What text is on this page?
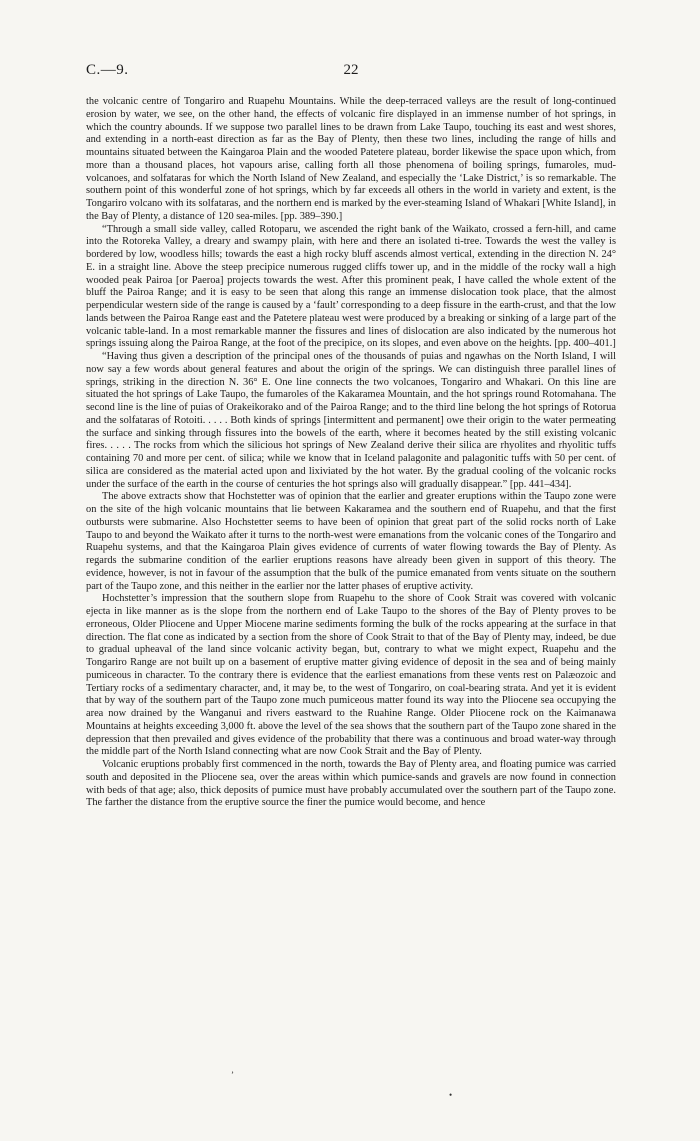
C.—9.	22

the volcanic centre of Tongariro and Ruapehu Mountains. While the deep-terraced valleys are the result of long-continued erosion by water, we see, on the other hand, the effects of volcanic fire displayed in an immense number of hot springs, in which the country abounds. If we suppose two parallel lines to be drawn from Lake Taupo, touching its east and west shores, and extending in a north-east direction as far as the Bay of Plenty, then these two lines, including the range of hills and mountains situated between the Kaingaroa Plain and the wooded Patetere plateau, border likewise the space upon which, from more than a thousand places, hot vapours arise, calling forth all those phenomena of boiling springs, fumaroles, mud-volcanoes, and solfataras for which the North Island of New Zealand, and especially the ‘Lake District,’ is so remarkable. The southern point of this wonderful zone of hot springs, which by far exceeds all others in the world in variety and extent, is the Tongariro volcano with its solfataras, and the northern end is marked by the ever-steaming Island of Whakari [White Island], in the Bay of Plenty, a distance of 120 sea-miles. [pp. 389–390.]

“Through a small side valley, called Rotoparu, we ascended the right bank of the Waikato, crossed a fern-hill, and came into the Rotoreka Valley, a dreary and swampy plain, with here and there an isolated ti-tree. Towards the west the valley is bordered by low, woodless hills; towards the east a high rocky bluff ascends almost vertical, extending in the direction N. 24° E. in a straight line. Above the steep precipice numerous rugged cliffs tower up, and in the middle of the rocky wall a high wooded peak Pairoa [or Paeroa] projects towards the west. After this prominent peak, I have called the whole extent of the bluff the Pairoa Range; and it is easy to be seen that along this range an immense dislocation took place, that the almost perpendicular western side of the range is caused by a ‘fault’ corresponding to a deep fissure in the earth-crust, and that the low lands between the Pairoa Range east and the Patetere plateau west were produced by a breaking or sinking of a large part of the volcanic table-land. In a most remarkable manner the fissures and lines of dislocation are also indicated by the numerous hot springs issuing along the Pairoa Range, at the foot of the precipice, on its slopes, and even above on the heights. [pp. 400–401.]

“Having thus given a description of the principal ones of the thousands of puias and ngawhas on the North Island, I will now say a few words about general features and about the origin of the springs. We can distinguish three parallel lines of springs, striking in the direction N. 36° E. One line connects the two volcanoes, Tongariro and Whakari. On this line are situated the hot springs of Lake Taupo, the fumaroles of the Kakaramea Mountain, and the hot springs round Rotomahana. The second line is the line of puias of Orakeikorako and of the Pairoa Range; and to the third line belong the hot springs of Rotorua and the solfataras of Rotoiti. . . . . Both kinds of springs [intermittent and permanent] owe their origin to the water permeating the surface and sinking through fissures into the bowels of the earth, where it becomes heated by the still existing volcanic fires. . . . . The rocks from which the silicious hot springs of New Zealand derive their silica are rhyolites and rhyolitic tuffs containing 70 and more per cent. of silica; while we know that in Iceland palagonite and palagonitic tuffs with 50 per cent. of silica are considered as the material acted upon and lixiviated by the hot water. By the gradual cooling of the volcanic rocks under the surface of the earth in the course of centuries the hot springs also will gradually disappear.” [pp. 441–434].

The above extracts show that Hochstetter was of opinion that the earlier and greater eruptions within the Taupo zone were on the site of the high volcanic mountains that lie between Kakaramea and the southern end of Ruapehu, and that the first outbursts were submarine. Also Hochstetter seems to have been of opinion that great part of the solid rocks north of Lake Taupo to and beyond the Waikato after it turns to the north-west were emanations from the volcanic cones of the Tongariro and Ruapehu systems, and that the Kaingaroa Plain gives evidence of currents of water flowing towards the Bay of Plenty. As regards the submarine condition of the earlier eruptions reasons have already been given in support of this theory. The evidence, however, is not in favour of the assumption that the bulk of the pumice emanated from vents situate on the southern part of the Taupo zone, and this neither in the earlier nor the latter phases of eruptive activity.

Hochstetter’s impression that the southern slope from Ruapehu to the shore of Cook Strait was covered with volcanic ejecta in like manner as is the slope from the northern end of Lake Taupo to the shores of the Bay of Plenty proves to be erroneous, Older Pliocene and Upper Miocene marine sediments forming the bulk of the rocks appearing at the surface in that direction. The flat cone as indicated by a section from the shore of Cook Strait to that of the Bay of Plenty may, indeed, be due to gradual upheaval of the land since volcanic activity began, but, contrary to what we might expect, Ruapehu and the Tongariro Range are not built up on a basement of eruptive matter giving evidence of deposit in the sea and of being mainly pumiceous in character. To the contrary there is evidence that the earliest emanations from these vents rest on Palæozoic and Tertiary rocks of a sedimentary character, and, it may be, to the west of Tongariro, on coal-bearing strata. And yet it is evident that by way of the southern part of the Taupo zone much pumiceous matter found its way into the Pliocene sea occupying the area now drained by the Wanganui and rivers eastward to the Ruahine Range. Older Pliocene rock on the Kaimanawa Mountains at heights exceeding 3,000 ft. above the level of the sea shows that the southern part of the Taupo zone shared in the depression that then prevailed and gives evidence of the probability that there was a continuous and broad water-way through the middle part of the North Island connecting what are now Cook Strait and the Bay of Plenty.

Volcanic eruptions probably first commenced in the north, towards the Bay of Plenty area, and floating pumice was carried south and deposited in the Pliocene sea, over the areas within which pumice-sands and gravels are now found in connection with beds of that age; also, thick deposits of pumice must have probably accumulated over the southern part of the Taupo zone. The farther the distance from the eruptive source the finer the pumice would become, and hence

ʼ
•
